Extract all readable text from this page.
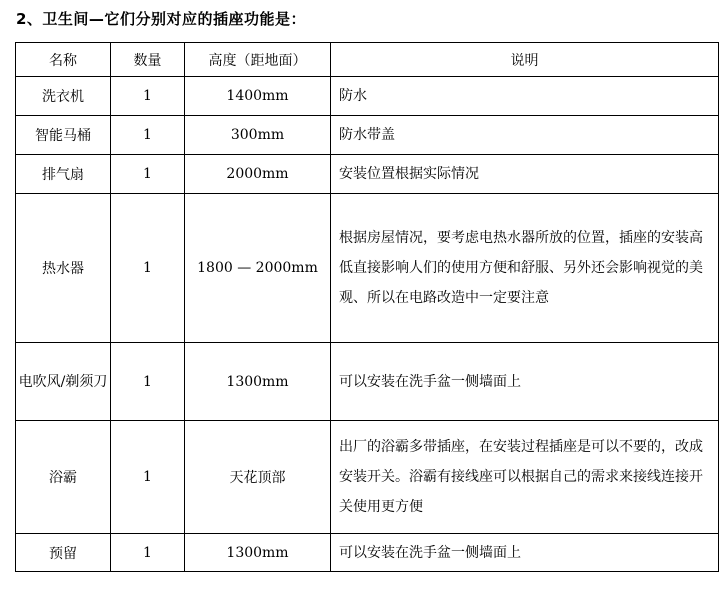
2、卫生间—它们分别对应的插座功能是：
名称	数量	高度（距地面）	说明
洗衣机	1	1400mm	防水
智能马桶	1	300mm	防水带盖
排气扇	1	2000mm	安装位置根据实际情况
热水器	1	1800 — 2000mm	根据房屋情况，要考虑电热水器所放的位置，插座的安装高低直接影响人们的使用方便和舒服、另外还会影响视觉的美观、所以在电路改造中一定要注意
电吹风/剃须刀	1	1300mm	可以安装在洗手盆一侧墙面上
浴霸	1	天花顶部	出厂的浴霸多带插座，在安装过程插座是可以不要的，改成安装开关。浴霸有接线座可以根据自己的需求来接线连接开关使用更方便
预留	1	1300mm	可以安装在洗手盆一侧墙面上
